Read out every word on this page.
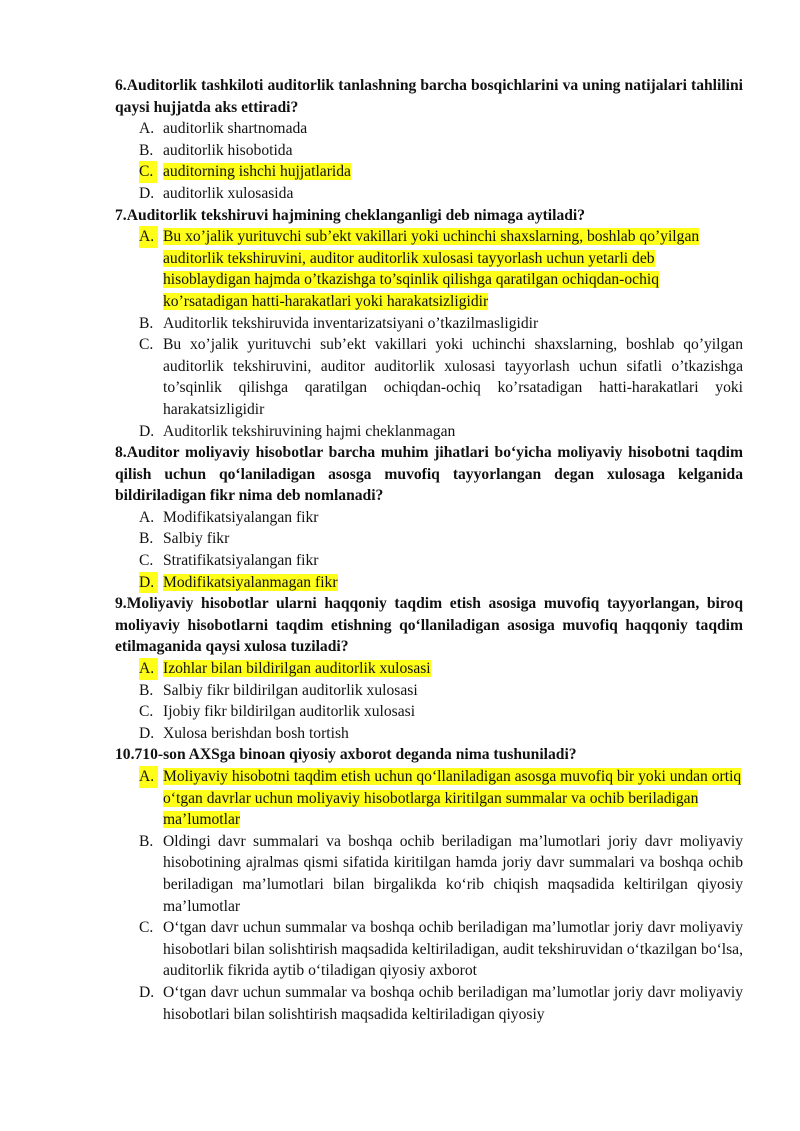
6.Auditorlik tashkiloti auditorlik tanlashning barcha bosqichlarini va uning natijalari tahlilini qaysi hujjatda aks ettiradi?

A. auditorlik shartnomada
B. auditorlik hisobotida
C. auditorning ishchi hujjatlarida
D. auditorlik xulosasida

7.Auditorlik tekshiruvi hajmining cheklanganligi deb nimaga aytiladi?

A. Bu xo’jalik yurituvchi sub’ekt vakillari yoki uchinchi shaxslarning, boshlab qo’yilgan auditorlik tekshiruvini, auditor auditorlik xulosasi tayyorlash uchun yetarli deb hisoblaydigan hajmda o’tkazishga to’sqinlik qilishga qaratilgan ochiqdan-ochiq ko’rsatadigan hatti-harakatlari yoki harakatsizligidir
B. Auditorlik tekshiruvida inventarizatsiyani o’tkazilmasligidir
C. Bu xo’jalik yurituvchi sub’ekt vakillari yoki uchinchi shaxslarning, boshlab qo’yilgan auditorlik tekshiruvini, auditor auditorlik xulosasi tayyorlash uchun sifatli o’tkazishga to’sqinlik qilishga qaratilgan ochiqdan-ochiq ko’rsatadigan hatti-harakatlari yoki harakatsizligidir
D. Auditorlik tekshiruvining hajmi cheklanmagan

8.Auditor moliyaviy hisobotlar barcha muhim jihatlari bo‘yicha moliyaviy hisobotni taqdim qilish uchun qo‘laniladigan asosga muvofiq tayyorlangan degan xulosaga kelganida bildiriladigan fikr nima deb nomlanadi?

A. Modifikatsiyalangan fikr
B. Salbiy fikr
C. Stratifikatsiyalangan fikr
D. Modifikatsiyalanmagan fikr

9.Moliyaviy hisobotlar ularni haqqoniy taqdim etish asosiga muvofiq tayyorlangan, biroq moliyaviy hisobotlarni taqdim etishning qo‘llaniladigan asosiga muvofiq haqqoniy taqdim etilmaganida qaysi xulosa tuziladi?

A. Izohlar bilan bildirilgan auditorlik xulosasi
B. Salbiy fikr bildirilgan auditorlik xulosasi
C. Ijobiy fikr bildirilgan auditorlik xulosasi
D. Xulosa berishdan bosh tortish

10.710-son AXSga binoan qiyosiy axborot deganda nima tushuniladi?

A. Moliyaviy hisobotni taqdim etish uchun qo‘llaniladigan asosga muvofiq bir yoki undan ortiq o‘tgan davrlar uchun moliyaviy hisobotlarga kiritilgan summalar va ochib beriladigan ma’lumotlar
B. Oldingi davr summalari va boshqa ochib beriladigan ma’lumotlari joriy davr moliyaviy hisobotining ajralmas qismi sifatida kiritilgan hamda joriy davr summalari va boshqa ochib beriladigan ma’lumotlari bilan birgalikda ko‘rib chiqish maqsadida keltirilgan qiyosiy ma’lumotlar
C. O‘tgan davr uchun summalar va boshqa ochib beriladigan ma’lumotlar joriy davr moliyaviy hisobotlari bilan solishtirish maqsadida keltiriladigan, audit tekshiruvidan o‘tkazilgan bo‘lsa, auditorlik fikrida aytib o‘tiladigan qiyosiy axborot
D. O‘tgan davr uchun summalar va boshqa ochib beriladigan ma’lumotlar joriy davr moliyaviy hisobotlari bilan solishtirish maqsadida keltiriladigan qiyosiy
